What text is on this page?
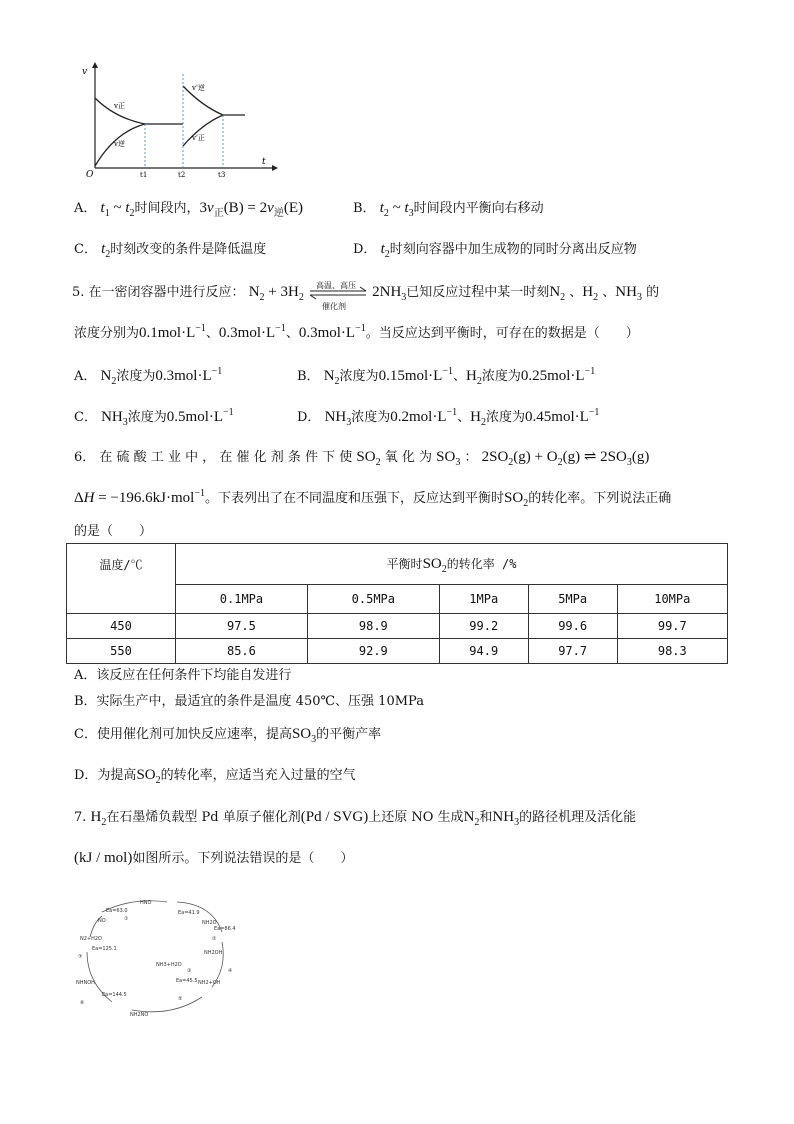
v
t
O	t1	t2	t3
v正
v逆
v'逆
v'正
A． $t_1$ ~ $t_2$时间段内，$3v_正(B) = 2v_逆(E)$	B． $t_2$ ~ $t_3$时间段内平衡向右移动
C． $t_2$时刻改变的条件是降低温度	D． $t_2$时刻向容器中加生成物的同时分离出反应物
5. 在一密闭容器中进行反应： $N_2 + 3H_2$
高温、高压
催化剂
$2NH_3$已知反应过程中某一时刻$N_2$ 、$H_2$ 、$NH_3$ 的
浓度分别为$0.1mol\cdot L^{-1}$、$0.3mol\cdot L^{-1}$、$0.3mol\cdot L^{-1}$。当反应达到平衡时，可存在的数据是（　　）
A． $N_2$浓度为$0.3mol\cdot L^{-1}$	B． $N_2$浓度为$0.15mol\cdot L^{-1}$、$H_2$浓度为$0.25mol\cdot L^{-1}$
C． $NH_3$浓度为$0.5mol\cdot L^{-1}$	D． $NH_3$浓度为$0.2mol\cdot L^{-1}$、$H_2$浓度为$0.45mol\cdot L^{-1}$
6． 在 硫 酸 工 业 中 ， 在 催 化 剂 条 件 下 使 $SO_2$ 氧 化 为 $SO_3$ ： $2SO_2(g) + O_2(g)$ ⇌ $2SO_3(g)$
ΔH = −196.6kJ·mol$^{-1}$。下表列出了在不同温度和压强下，反应达到平衡时$SO_2$的转化率。下列说法正确
的是（　　）
温度/℃	平衡时$SO_2$的转化率 /%				
	0.1MPa	0.5MPa	1MPa	5MPa	10MPa
450	97.5	98.9	99.2	99.6	99.7
550	85.6	92.9	94.9	97.7	98.3
A．该反应在任何条件下均能自发进行
B．实际生产中，最适宜的条件是温度 450℃、压强 10MPa
C．使用催化剂可加快反应速率，提高$SO_3$的平衡产率
D．为提高$SO_2$的转化率，应适当充入过量的空气
7. $H_2$在石墨烯负载型 Pd 单原子催化剂(Pd / SVG)上还原 NO 生成$N_2$和$NH_3$的路径机理及活化能
(kJ / mol)如图所示。下列说法错误的是（　　）
HNO
NO	NH2O
NH2OH
NH3+H2O
NH2+OH
NH2NO
NHNOH
N2+H2O
①
②
③	④
⑤
⑥
⑦
Ea=63.0	Ea=41.9
Ea=86.4
Ea=45.5
Ea=144.5
Ea=125.1
